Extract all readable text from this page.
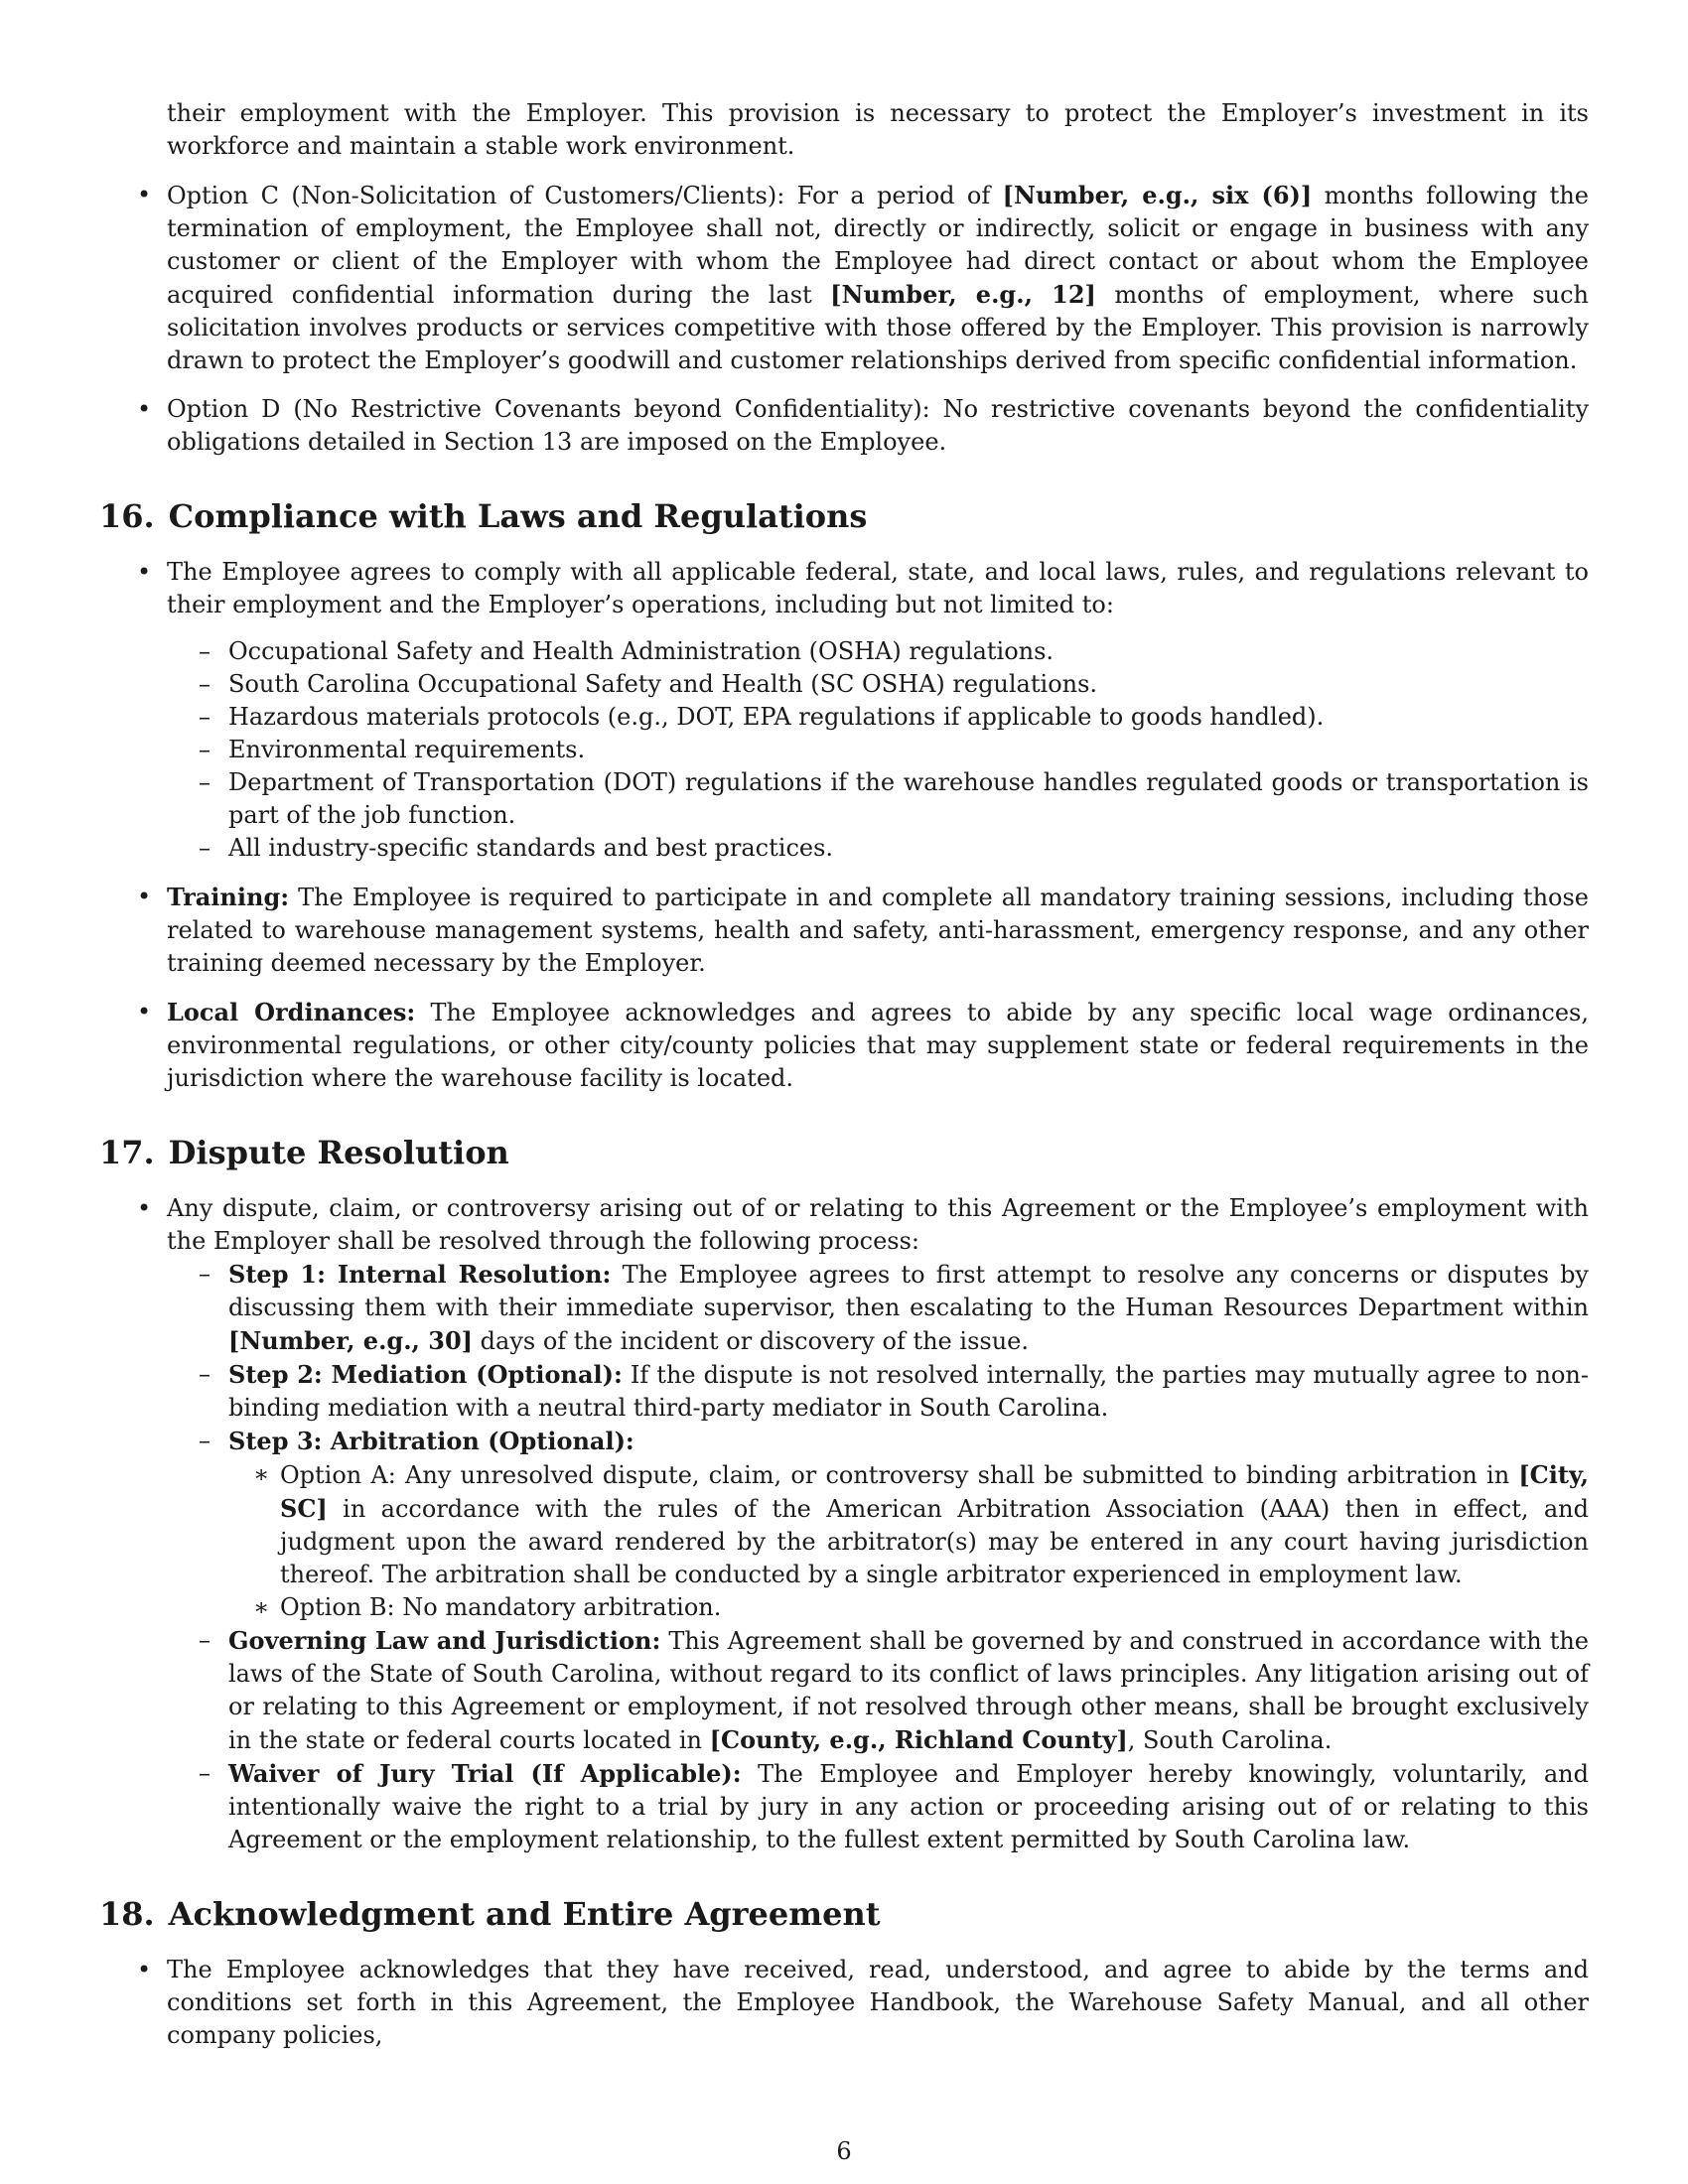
their employment with the Employer. This provision is necessary to protect the Employer’s investment in its workforce and maintain a stable work environment.

• Option C (Non-Solicitation of Customers/Clients): For a period of [Number, e.g., six (6)] months following the termination of employment, the Employee shall not, directly or indirectly, solicit or engage in business with any customer or client of the Employer with whom the Employee had direct contact or about whom the Employee acquired confidential information during the last [Number, e.g., 12] months of employment, where such solicitation involves products or services competitive with those offered by the Employer. This provision is narrowly drawn to protect the Employer’s goodwill and customer relationships derived from specific confidential information.
• Option D (No Restrictive Covenants beyond Confidentiality): No restrictive covenants beyond the confidentiality obligations detailed in Section 13 are imposed on the Employee.
16. Compliance with Laws and Regulations
• The Employee agrees to comply with all applicable federal, state, and local laws, rules, and regulations relevant to their employment and the Employer’s operations, including but not limited to:
– Occupational Safety and Health Administration (OSHA) regulations.
– South Carolina Occupational Safety and Health (SC OSHA) regulations.
– Hazardous materials protocols (e.g., DOT, EPA regulations if applicable to goods handled).
– Environmental requirements.
– Department of Transportation (DOT) regulations if the warehouse handles regulated goods or transportation is part of the job function.
– All industry-specific standards and best practices.
• Training: The Employee is required to participate in and complete all mandatory training sessions, including those related to warehouse management systems, health and safety, anti-harassment, emergency response, and any other training deemed necessary by the Employer.
• Local Ordinances: The Employee acknowledges and agrees to abide by any specific local wage ordinances, environmental regulations, or other city/county policies that may supplement state or federal requirements in the jurisdiction where the warehouse facility is located.
17. Dispute Resolution
• Any dispute, claim, or controversy arising out of or relating to this Agreement or the Employee’s employment with the Employer shall be resolved through the following process:
– Step 1: Internal Resolution: The Employee agrees to first attempt to resolve any concerns or disputes by discussing them with their immediate supervisor, then escalating to the Human Resources Department within [Number, e.g., 30] days of the incident or discovery of the issue.
– Step 2: Mediation (Optional): If the dispute is not resolved internally, the parties may mutually agree to non-binding mediation with a neutral third-party mediator in South Carolina.
– Step 3: Arbitration (Optional):
∗ Option A: Any unresolved dispute, claim, or controversy shall be submitted to binding arbitration in [City, SC] in accordance with the rules of the American Arbitration Association (AAA) then in effect, and judgment upon the award rendered by the arbitrator(s) may be entered in any court having jurisdiction thereof. The arbitration shall be conducted by a single arbitrator experienced in employment law.
∗ Option B: No mandatory arbitration.
– Governing Law and Jurisdiction: This Agreement shall be governed by and construed in accordance with the laws of the State of South Carolina, without regard to its conflict of laws principles. Any litigation arising out of or relating to this Agreement or employment, if not resolved through other means, shall be brought exclusively in the state or federal courts located in [County, e.g., Richland County], South Carolina.
– Waiver of Jury Trial (If Applicable): The Employee and Employer hereby knowingly, voluntarily, and intentionally waive the right to a trial by jury in any action or proceeding arising out of or relating to this Agreement or the employment relationship, to the fullest extent permitted by South Carolina law.
18. Acknowledgment and Entire Agreement
• The Employee acknowledges that they have received, read, understood, and agree to abide by the terms and conditions set forth in this Agreement, the Employee Handbook, the Warehouse Safety Manual, and all other company policies,
6
